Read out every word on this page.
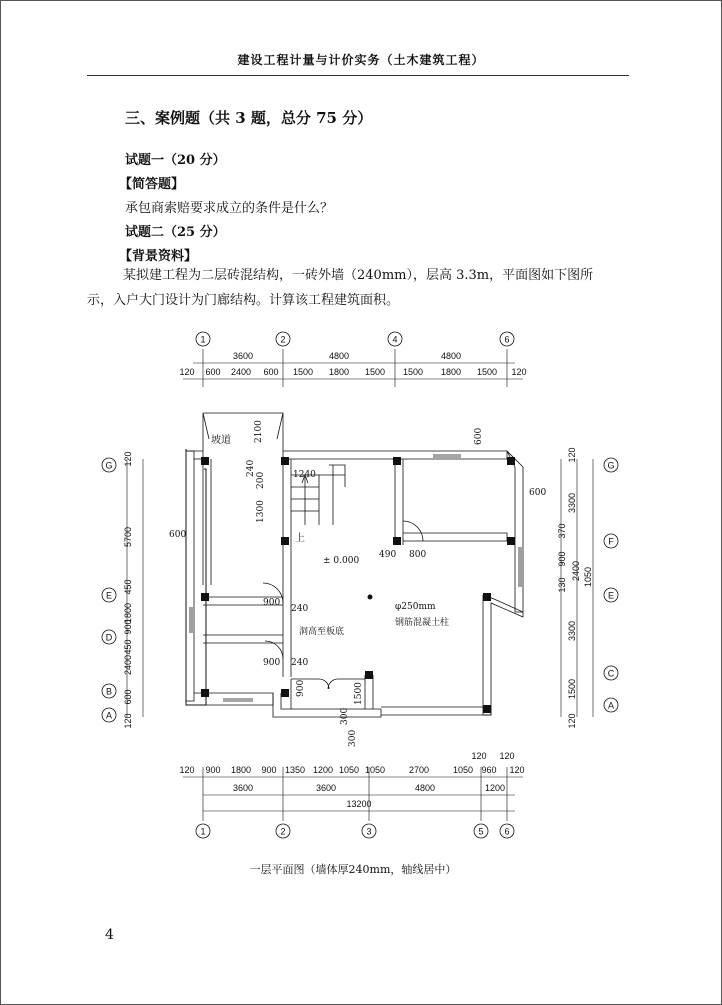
建设工程计量与计价实务（土木建筑工程）
三、案例题（共 3 题，总分 75 分）
试题一（20 分）
【简答题】
承包商索赔要求成立的条件是什么？
试题二（25 分）
【背景资料】

某拟建工程为二层砖混结构，一砖外墙（240mm），层高 3.3m，平面图如下图所

示，入户大门设计为门廊结构。计算该工程建筑面积。
1	2	4	6
3600	4800	4800
120 600 2400 600 1500 1800 1500 1500 1800 1500 120
120 900 1800 900 1350 1200 1050 1050	2700	1050 960 120
120 120
3600	3600	4800	1200
13200
1	2	3	5 6
G
E
D
B
A
120
5700
450
1800
900
450
2400
600
120
G
F
E
C
A
120
3300
370
900
130
2400 1050
3300
1500
120
坡道	2100
上
± 0.000
φ250mm
钢筋混凝土柱
洞高至板底
600
600
600
240
200	1240
1300
490 800
900
240
900 240
900	1500
300
300
一层平面图（墙体厚240mm，轴线居中）
4
